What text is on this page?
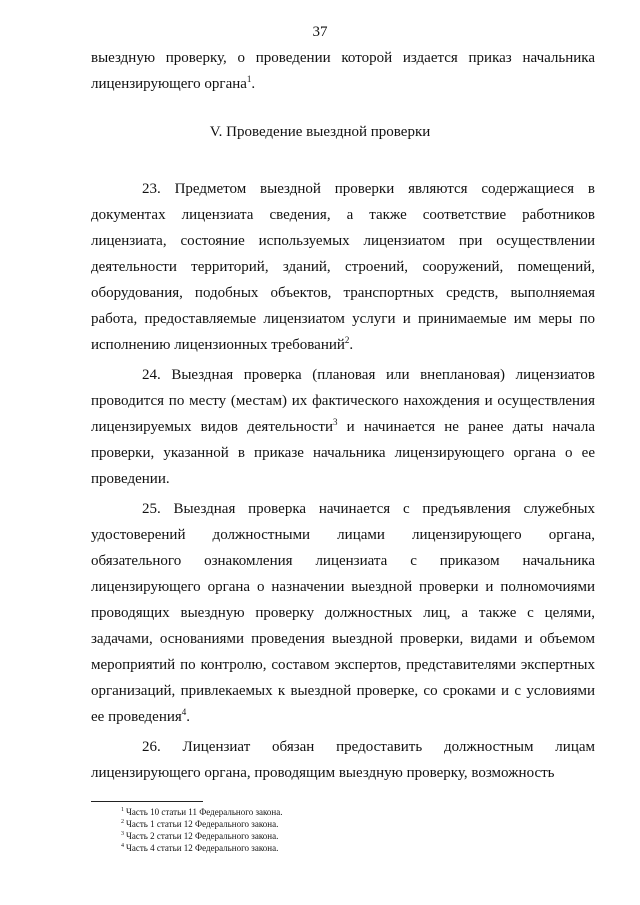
37
выездную проверку, о проведении которой издается приказ начальника лицензирующего органа$^1$.
V. Проведение выездной проверки

23. Предметом выездной проверки являются содержащиеся в документах лицензиата сведения, а также соответствие работников лицензиата, состояние используемых лицензиатом при осуществлении деятельности территорий, зданий, строений, сооружений, помещений, оборудования, подобных объектов, транспортных средств, выполняемая работа, предоставляемые лицензиатом услуги и принимаемые им меры по исполнению лицензионных требований$^2$.

24. Выездная проверка (плановая или внеплановая) лицензиатов проводится по месту (местам) их фактического нахождения и осуществления лицензируемых видов деятельности$^3$ и начинается не ранее даты начала проверки, указанной в приказе начальника лицензирующего органа о ее проведении.

25. Выездная проверка начинается с предъявления служебных удостоверений должностными лицами лицензирующего органа, обязательного ознакомления лицензиата с приказом начальника лицензирующего органа о назначении выездной проверки и полномочиями проводящих выездную проверку должностных лиц, а также с целями, задачами, основаниями проведения выездной проверки, видами и объемом мероприятий по контролю, составом экспертов, представителями экспертных организаций, привлекаемых к выездной проверке, со сроками и с условиями ее проведения$^4$.

26. Лицензиат обязан предоставить должностным лицам лицензирующего органа, проводящим выездную проверку, возможность

$^1$ Часть 10 статьи 11 Федерального закона.
$^2$ Часть 1 статьи 12 Федерального закона.
$^3$ Часть 2 статьи 12 Федерального закона.
$^4$ Часть 4 статьи 12 Федерального закона.
